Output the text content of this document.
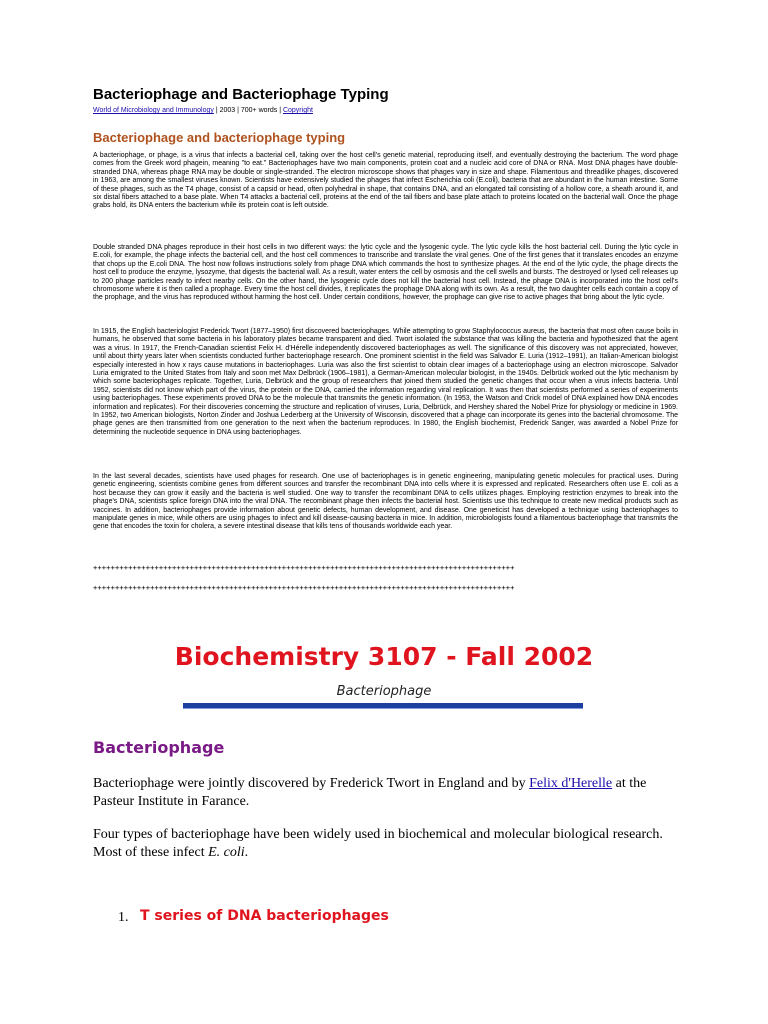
Bacteriophage and Bacteriophage Typing
World of Microbiology and Immunology | 2003 | 700+ words | Copyright
Bacteriophage and bacteriophage typing

A bacteriophage, or phage, is a virus that infects a bacterial cell, taking over the host cell's genetic material, reproducing itself, and eventually destroying the bacterium. The word phage comes from the Greek word phagein, meaning "to eat." Bacteriophages have two main components, protein coat and a nucleic acid core of DNA or RNA. Most DNA phages have double-stranded DNA, whereas phage RNA may be double or single-stranded. The electron microscope shows that phages vary in size and shape. Filamentous and threadlike phages, discovered in 1963, are among the smallest viruses known. Scientists have extensively studied the phages that infect Escherichia coli (E.coli), bacteria that are abundant in the human intestine. Some of these phages, such as the T4 phage, consist of a capsid or head, often polyhedral in shape, that contains DNA, and an elongated tail consisting of a hollow core, a sheath around it, and six distal fibers attached to a base plate. When T4 attacks a bacterial cell, proteins at the end of the tail fibers and base plate attach to proteins located on the bacterial wall. Once the phage grabs hold, its DNA enters the bacterium while its protein coat is left outside.

Double stranded DNA phages reproduce in their host cells in two different ways: the lytic cycle and the lysogenic cycle. The lytic cycle kills the host bacterial cell. During the lytic cycle in E.coli, for example, the phage infects the bacterial cell, and the host cell commences to transcribe and translate the viral genes. One of the first genes that it translates encodes an enzyme that chops up the E.coli DNA. The host now follows instructions solely from phage DNA which commands the host to synthesize phages. At the end of the lytic cycle, the phage directs the host cell to produce the enzyme, lysozyme, that digests the bacterial wall. As a result, water enters the cell by osmosis and the cell swells and bursts. The destroyed or lysed cell releases up to 200 phage particles ready to infect nearby cells. On the other hand, the lysogenic cycle does not kill the bacterial host cell. Instead, the phage DNA is incorporated into the host cell's chromosome where it is then called a prophage. Every time the host cell divides, it replicates the prophage DNA along with its own. As a result, the two daughter cells each contain a copy of the prophage, and the virus has reproduced without harming the host cell. Under certain conditions, however, the prophage can give rise to active phages that bring about the lytic cycle.

In 1915, the English bacteriologist Frederick Twort (1877–1950) first discovered bacteriophages. While attempting to grow Staphylococcus aureus, the bacteria that most often cause boils in humans, he observed that some bacteria in his laboratory plates became transparent and died. Twort isolated the substance that was killing the bacteria and hypothesized that the agent was a virus. In 1917, the French-Canadian scientist Felix H. d'Hérelle independently discovered bacteriophages as well. The significance of this discovery was not appreciated, however, until about thirty years later when scientists conducted further bacteriophage research. One prominent scientist in the field was Salvador E. Luria (1912–1991), an Italian-American biologist especially interested in how x rays cause mutations in bacteriophages. Luria was also the first scientist to obtain clear images of a bacteriophage using an electron microscope. Salvador Luria emigrated to the United States from Italy and soon met Max Delbrück (1906–1981), a German-American molecular biologist, in the 1940s. Delbrück worked out the lytic mechanism by which some bacteriophages replicate. Together, Luria, Delbrück and the group of researchers that joined them studied the genetic changes that occur when a virus infects bacteria. Until 1952, scientists did not know which part of the virus, the protein or the DNA, carried the information regarding viral replication. It was then that scientists performed a series of experiments using bacteriophages. These experiments proved DNA to be the molecule that transmits the genetic information. (In 1953, the Watson and Crick model of DNA explained how DNA encodes information and replicates). For their discoveries concerning the structure and replication of viruses, Luria, Delbrück, and Hershey shared the Nobel Prize for physiology or medicine in 1969. In 1952, two American biologists, Norton Zinder and Joshua Lederberg at the University of Wisconsin, discovered that a phage can incorporate its genes into the bacterial chromosome. The phage genes are then transmitted from one generation to the next when the bacterium reproduces. In 1980, the English biochemist, Frederick Sanger, was awarded a Nobel Prize for determining the nucleotide sequence in DNA using bacteriophages.

In the last several decades, scientists have used phages for research. One use of bacteriophages is in genetic engineering, manipulating genetic molecules for practical uses. During genetic engineering, scientists combine genes from different sources and transfer the recombinant DNA into cells where it is expressed and replicated. Researchers often use E. coli as a host because they can grow it easily and the bacteria is well studied. One way to transfer the recombinant DNA to cells utilizes phages. Employing restriction enzymes to break into the phage's DNA, scientists splice foreign DNA into the viral DNA. The recombinant phage then infects the bacterial host. Scientists use this technique to create new medical products such as vaccines. In addition, bacteriophages provide information about genetic defects, human development, and disease. One geneticist has developed a technique using bacteriophages to manipulate genes in mice, while others are using phages to infect and kill disease-causing bacteria in mice. In addition, microbiologists found a filamentous bacteriophage that transmits the gene that encodes the toxin for cholera, a severe intestinal disease that kills tens of thousands worldwide each year.

++++++++++++++++++++++++++++++++++++++++++++++++++++++++++++++++++++++++++++++++++++++++++++++++
++++++++++++++++++++++++++++++++++++++++++++++++++++++++++++++++++++++++++++++++++++++++++++++++
Biochemistry 3107 - Fall 2002
Bacteriophage
Bacteriophage
Bacteriophage were jointly discovered by Frederick Twort in England and by Felix d'Herelle at the Pasteur Institute in Farance.
Four types of bacteriophage have been widely used in biochemical and molecular biological research. Most of these infect E. coli.
1. T series of DNA bacteriophages
